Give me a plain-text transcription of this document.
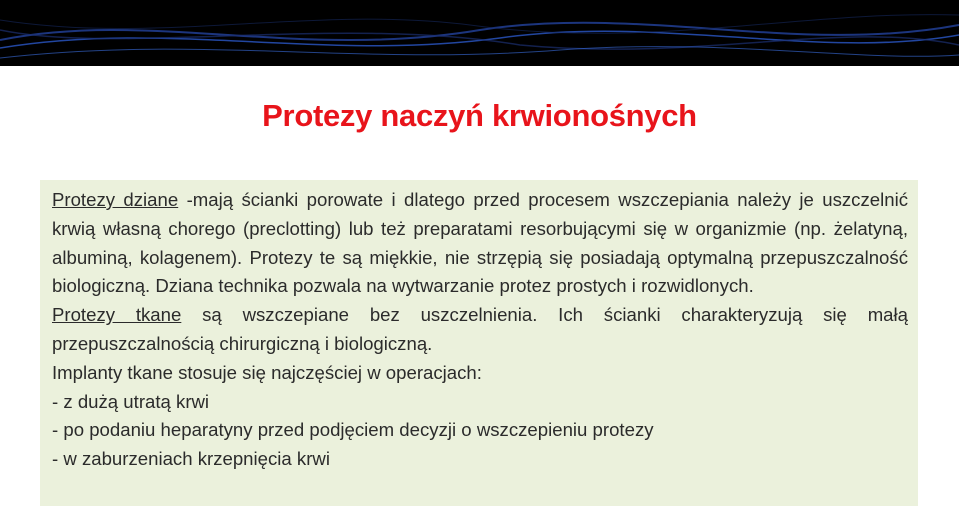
Protezy naczyń krwionośnych

Protezy dziane -mają ścianki porowate i dlatego przed procesem wszczepiania należy je uszczelnić krwią własną chorego (preclotting) lub też preparatami resorbującymi się w organizmie (np. żelatyną, albuminą, kolagenem). Protezy te są miękkie, nie strzępią się posiadają optymalną przepuszczalność biologiczną. Dziana technika pozwala na wytwarzanie protez prostych i rozwidlonych.

Protezy tkane są wszczepiane bez uszczelnienia. Ich ścianki charakteryzują się małą przepuszczalnością chirurgiczną i biologiczną.

Implanty tkane stosuje się najczęściej w operacjach:

- z dużą utratą krwi

- po podaniu heparatyny przed podjęciem decyzji o wszczepieniu protezy

- w zaburzeniach krzepnięcia krwi
